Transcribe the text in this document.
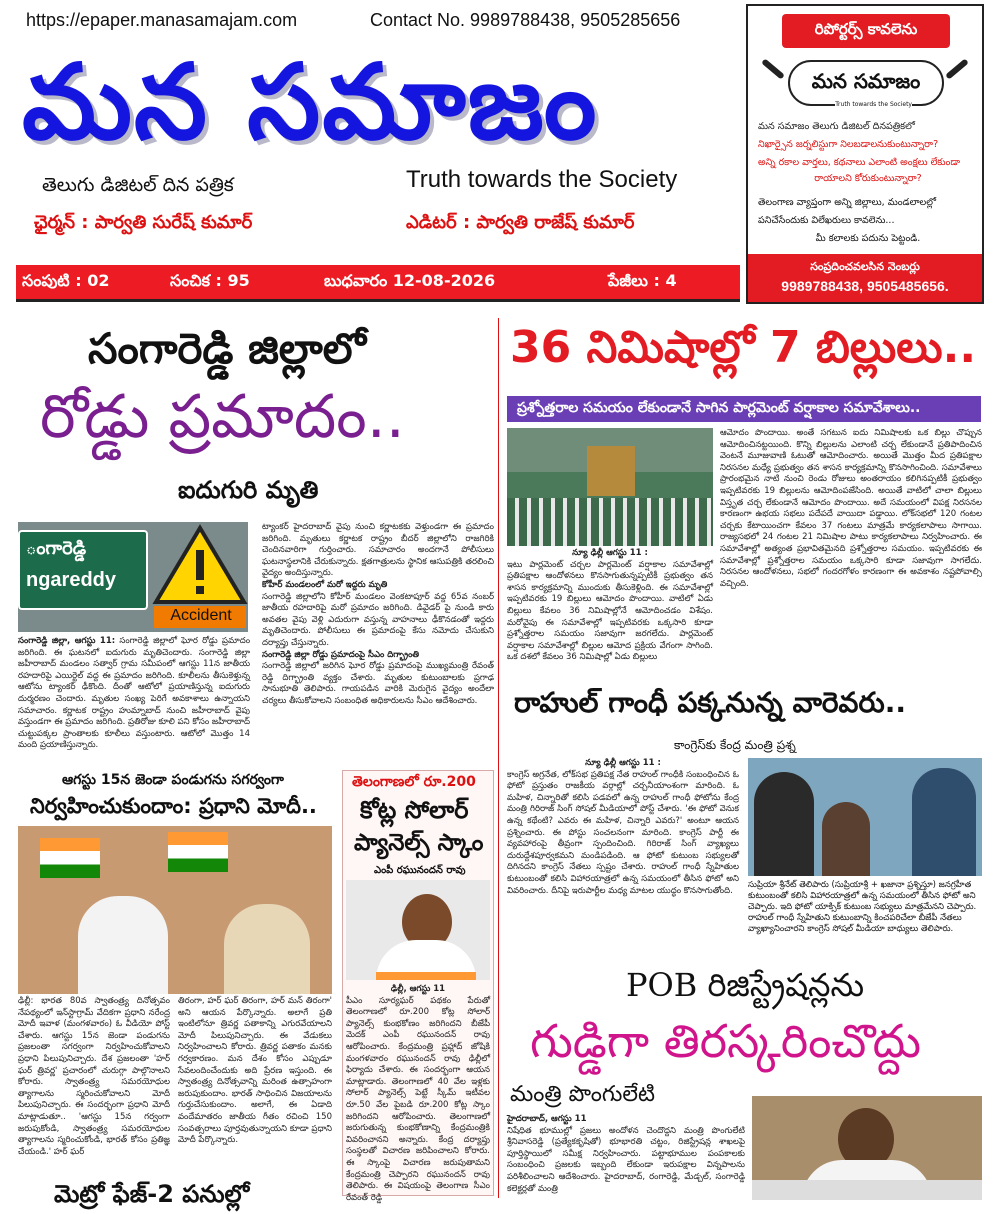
https://epaper.manasamajam.com	Contact No. 9989788438, 9505285656
మన సమాజం
తెలుగు డిజిటల్ దిన పత్రిక	Truth towards the Society
ఛైర్మన్ : పార్వతి సురేష్ కుమార్	ఎడిటర్ : పార్వతి రాజేష్ కుమార్
సంపుటి : 02	సంచిక : 95	బుధవారం 12-08-2026	పేజీలు : 4
రిపోర్టర్స్ కావలెను
మన సమాజం
Truth towards the Society
మన సమాజం తెలుగు డిజిటల్ దినపత్రికలో
నిఖార్సైన జర్నలిస్టుగా నిలబడాలనుకుంటున్నారా?
అన్ని రకాల వార్తలు, కథనాలు ఎలాంటి అంక్షలు లేకుండా
రాయాలని కోరుకుంటున్నారా?
తెలంగాణ వ్యాప్తంగా అన్ని జిల్లాలు, మండలాలల్లో
పనిచేసేందుకు విలేఖరులు కావలెను...
మీ కలాలకు పదును పెట్టండి.
సంప్రదించవలసిన నెంబర్లు
9989788438, 9505485656.
సంగారెడ్డి జిల్లాలో
రోడ్డు ప్రమాదం..
ఐదుగురి మృతి
ంగారెడ్డి
ngareddy
Accident
సంగారెడ్డి జిల్లా, ఆగస్టు 11: సంగారెడ్డి జిల్లాలో ఘోర రోడ్డు ప్రమాదం జరిగింది. ఈ ఘటనలో ఐదుగురు మృతిచెందారు. సంగారెడ్డి జిల్లా జహీరాబాద్ మండలం సత్వార్ గ్రామ సమీపంలో ఆగస్టు 11న జాతీయ రహదారిపై ఎయిర్టెల్ వద్ద ఈ ప్రమాదం జరిగింది. కూలీలను తీసుకెళ్తున్న ఆటోను ట్యాంకర్ ఢీకొంది. దీంతో ఆటోలో ప్రయాణిస్తున్న ఐదుగురు దుర్మరణం చెందారు. మృతుల సంఖ్య పెరిగే అవకాశాలు ఉన్నాయని సమాచారం. కర్ణాటక రాష్ట్రం హుమ్నాబాద్ నుంచి జహీరాబాద్ వైపు వస్తుండగా ఈ ప్రమాదం జరిగింది. ప్రతిరోజు కూలి పని కోసం జహీరాబాద్ చుట్టుపక్కల ప్రాంతాలకు కూలీలు వస్తుంటారు. ఆటోలో మొత్తం 14 మంది ప్రయాణిస్తున్నారు.
ట్యాంకర్ హైదరాబాద్ వైపు నుంచి కర్ణాటకకు వెళ్తుండగా ఈ ప్రమాదం జరిగింది. మృతులు కర్ణాటక రాష్ట్రం బీదర్ జిల్లాలోని రాజగిరికి చెందినవారిగా గుర్తించారు. సమాచారం అందగానే పోలీసులు ఘటనాస్థలానికి చేరుకున్నారు. క్షతగాత్రులను స్థానిక ఆసుపత్రికి తరలించి వైద్యం అందిస్తున్నారు.
కోహీర్ మండలంలో మరో ఇద్దరు మృతి
సంగారెడ్డి జిల్లాలోని కోహీర్ మండలం వెంకటాపూర్ వద్ద 65వ నంబర్ జాతీయ రహదారిపై మరో ప్రమాదం జరిగింది. డివైడర్ పై నుండి కారు అవతల వైపు వెళ్లి ఎదురుగా వస్తున్న వాహనాలు ఢీకొనడంతో ఇద్దరు మృతిచెందారు. పోలీసులు ఈ ప్రమాదంపై కేసు నమోదు చేసుకుని దర్యాప్తు చేస్తున్నారు.
సంగారెడ్డి జిల్లా రోడ్డు ప్రమాదంపై సీఎం దిగ్భ్రాంతి
సంగారెడ్డి జిల్లాలో జరిగిన ఘోర రోడ్డు ప్రమాదంపై ముఖ్యమంత్రి రేవంత్ రెడ్డి దిగ్భ్రాంతి వ్యక్తం చేశారు. మృతుల కుటుంబాలకు ప్రగాఢ సానుభూతి తెలిపారు. గాయపడిన వారికి మెరుగైన వైద్యం అందేలా చర్యలు తీసుకోవాలని సంబంధిత అధికారులను సీఎం ఆదేశించారు.
36 నిమిషాల్లో 7 బిల్లులు..
ప్రశ్నోత్తరాల సమయం లేకుండానే సాగిన పార్లమెంట్ వర్షాకాల సమావేశాలు..
న్యూ ఢిల్లీ ఆగస్టు 11 :
ఇటు పార్లమెంట్ చర్చల పార్లమెంట్ వర్షాకాల సమావేశాల్లో ప్రతిపక్షాల ఆందోళనలు కొనసాగుతున్నప్పటికీ ప్రభుత్వం తన శాసన కార్యక్రమాన్ని ముందుకు తీసుకెళ్లింది. ఈ సమావేశాల్లో ఇప్పటివరకు 19 బిల్లులు ఆమోదం పొందాయి. వాటిలో ఏడు బిల్లులు కేవలం 36 నిమిషాల్లోనే ఆమోదించడం విశేషం. మరోవైపు ఈ సమావేశాల్లో ఇప్పటివరకు ఒక్కసారి కూడా ప్రశ్నోత్తరాల సమయం సజావుగా జరగలేదు. పార్లమెంట్ వర్షాకాల సమావేశాల్లో బిల్లుల ఆమోద ప్రక్రియ వేగంగా సాగింది. ఒక దశలో కేవలం 36 నిమిషాల్లో ఏడు బిల్లులు
ఆమోదం పొందాయి. అంతే సగటున ఐదు నిమిషాలకు ఒక బిల్లు చొప్పున ఆమోదించినట్టయింది. కొన్ని బిల్లులను ఎలాంటి చర్చ లేకుండానే ప్రతిపాదించిన వెంటనే మూజువాణి ఓటుతో ఆమోదించారు. అయితే మొత్తం మీద ప్రతిపక్షాల నిరసనల మధ్యే ప్రభుత్వం తన శాసన కార్యక్రమాన్ని కొనసాగించింది. సమావేశాలు ప్రారంభమైన నాటి నుంచి రెండు రోజులు అంతరాయం కలిగినప్పటికీ ప్రభుత్వం ఇప్పటివరకు 19 బిల్లులను ఆమోదింపజేసింది. అయితే వాటిలో చాలా బిల్లులు విస్తృత చర్చ లేకుండానే ఆమోదం పొందాయి. అదే సమయంలో విపక్ష నిరసనల కారణంగా ఉభయ సభలు పదేపదే వాయిదా పడ్డాయి. లోక్‌సభలో 120 గంటల చర్చకు కేటాయించగా కేవలం 37 గంటలు మాత్రమే కార్యకలాపాలు సాగాయి. రాజ్యసభలో 24 గంటల 21 నిమిషాల పాటు కార్యకలాపాలు నిర్వహించారు. ఈ సమావేశాల్లో అత్యంత ప్రభావితమైనది ప్రశ్నోత్తరాల సమయం. ఇప్పటివరకు ఈ సమావేశాల్లో ప్రశ్నోత్తరాల సమయం ఒక్కసారి కూడా సజావుగా సాగలేదు. నిరసనల ఆందోళనలు, సభలో గందరగోళం కారణంగా ఈ అవకాశం నష్టపోవాల్సి వచ్చింది.
రాహుల్ గాంధీ పక్కనున్న వారెవరు..
కాంగ్రెస్‌కు కేంద్ర మంత్రి ప్రశ్న
న్యూ ఢిల్లీ ఆగస్టు 11 :
కాంగ్రెస్ అగ్రనేత, లోక్‌సభ ప్రతిపక్ష నేత రాహుల్ గాంధీకి సంబంధించిన ఓ ఫోటో ప్రస్తుతం రాజకీయ వర్గాల్లో చర్చనీయాంశంగా మారింది. ఓ మహిళ, చిన్నారితో కలిసి పడవలో ఉన్న రాహుల్ గాంధీ ఫోటోను కేంద్ర మంత్రి గిరిరాజ్ సింగ్ సోషల్ మీడియాలో పోస్ట్ చేశారు. 'ఈ ఫోటో వెనుక ఉన్న కథేంటి? ఎవరు ఈ మహిళ, చిన్నారి ఎవరు?' అంటూ ఆయన ప్రశ్నించారు. ఈ పోస్టు సంచలనంగా మారింది. కాంగ్రెస్ పార్టీ ఈ వ్యవహారంపై తీవ్రంగా స్పందించింది. గిరిరాజ్ సింగ్ వ్యాఖ్యలు దురుద్దేశపూర్వకమని మండిపడింది. ఆ ఫోటో కుటుంబ సభ్యులతో దిగినదని కాంగ్రెస్ నేతలు స్పష్టం చేశారు. రాహుల్ గాంధీ స్నేహితుల కుటుంబంతో కలిసి విహారయాత్రలో ఉన్న సమయంలో తీసిన ఫోటో అని వివరించారు. దీనిపై ఇరుపార్టీల మధ్య మాటల యుద్ధం కొనసాగుతోంది.
సుప్రియా శ్రీనేట్ తెలిపారు (సుప్రియాశ్రీ + ఖజానా ప్రశ్నిస్తూ) జనగ్రహీత కుటుంబంతో కలిసి విహారయాత్రలో ఉన్న సమయంలో తీసిన ఫోటో అని చెప్పారు. ఇది ఫోటో యాక్సిక్ కుటుంబ సభ్యులు మాత్రమేనని చెప్పారు. రాహుల్ గాంధీ స్నేహితుని కుటుంబాన్ని కించపరిచేలా బీజేపీ నేతలు వ్యాఖ్యానించారని కాంగ్రెస్ సోషల్ మీడియా బాధ్యులు తెలిపారు.
ఆగస్టు 15న జెండా పండుగను సగర్వంగా
నిర్వహించుకుందాం: ప్రధాని మోదీ..
ఢిల్లీ: భారత 80వ స్వాతంత్ర్య దినోత్సవం నేపథ్యంలో ఇన్‌స్టాగ్రామ్ వేదికగా ప్రధాని నరేంద్ర మోదీ ఇవాళ (మంగళవారం) ఓ వీడియో పోస్ట్ చేశారు. ఆగస్టు 15న జెండా పండుగను ప్రజలంతా సగర్వంగా నిర్వహించుకోవాలని ప్రధాని పిలుపునిచ్చారు. దేశ ప్రజలంతా 'హర్ ఘర్ త్రివర్ణ' ప్రచారంలో చురుగ్గా పాల్గొనాలని కోరారు. స్వాతంత్ర్య సమరయోధుల త్యాగాలను స్మరించుకోవాలని మోదీ పిలుపునిచ్చారు. ఈ సందర్భంగా ప్రధాని మోదీ మాట్లాడుతూ.. 'ఆగస్టు 15న గర్వంగా జరుపుకోండి, స్వాతంత్ర్య సమరయోధుల త్యాగాలను స్మరించుకోండి, భారత్ కోసం ప్రతిజ్ఞ చేయండి.' హర్ ఘర్
తిరంగా, హర్ ఘర్ తిరంగా, హర్ మన్ తిరంగా' అని ఆయన పేర్కొన్నారు. అలాగే ప్రతి ఇంటిలోనూ త్రివర్ణ పతాకాన్ని ఎగురవేయాలని మోదీ పిలుపునిచ్చారు. ఈ వేడుకలు నిర్వహించాలని కోరారు. త్రివర్ణ పతాకం మనకు గర్వకారణం. మన దేశం కోసం ఎప్పుడూ సేవలందించేందుకు అది ప్రేరణ ఇస్తుంది. ఈ స్వాతంత్ర్య దినోత్సవాన్ని మరింత ఉత్సాహంగా జరుపుకుందాం. భారత్ సాధించిన విజయాలను గుర్తుచేసుకుందాం. అలాగే, ఈ ఏడాది వందేమాతరం జాతీయ గీతం రచించి 150 సంవత్సరాలు పూర్తవుతున్నాయని కూడా ప్రధాని మోదీ పేర్కొన్నారు.
తెలంగాణలో రూ.200
కోట్ల సోలార్
ప్యానెల్స్ స్కాం
ఎంపీ రఘునందన్ రావు
ఢిల్లీ, ఆగస్టు 11
పీఎం సూర్యఘర్ పథకం పేరుతో తెలంగాణలో రూ.200 కోట్ల సోలార్ ప్యానెల్స్ కుంభకోణం జరిగిందని బీజేపీ మెదక్ ఎంపీ రఘునందన్ రావు ఆరోపించారు. కేంద్రమంత్రి ప్రహ్లాద్ జోషికి మంగళవారం రఘునందన్ రావు ఢిల్లీలో ఫిర్యాదు చేశారు. ఈ సందర్భంగా ఆయన మాట్లాడారు. తెలంగాణలో 40 వేల ఇళ్లకు సోలార్ ప్యానెల్స్ పెట్టే స్కీమ్ ఇటీవల రూ.50 వేల పైబడి రూ.200 కోట్ల స్కాం జరిగిందని ఆరోపించారు. తెలంగాణలో జరుగుతున్న కుంభకోణాన్ని కేంద్రమంత్రికి వివరించానని అన్నారు. కేంద్ర దర్యాప్తు సంస్థలతో విచారణ జరిపించాలని కోరారు. ఈ స్కాంపై విచారణ జరుపుతామని కేంద్రమంత్రి చెప్పారని రఘునందన్ రావు తెలిపారు. ఈ విషయంపై తెలంగాణ సీఎం రేవంత్ రెడ్డి
POB రిజిస్ట్రేషన్లను
గుడ్డిగా తిరస్కరించొద్దు
మంత్రి పొంగులేటి
హైదరాబాద్, ఆగస్టు 11
నిషేధిత భూముల్లో ప్రజలు అందోళన చెందొద్దని మంత్రి పొంగులేటి శ్రీనివాసరెడ్డి (ప్రత్యేకకృషితో) భూభారతి చట్టం, రిజిస్ట్రేషన్ల శాఖలపై పూర్తిస్థాయిలో సమీక్ష నిర్వహించారు. పట్టాభూముల పంపకాలకు సంబంధించి ప్రజలకు ఇబ్బంది లేకుండా ఇరుపక్షాల విన్నపాలను పరిశీలించాలని ఆదేశించారు. హైదరాబాద్, రంగారెడ్డి, మేడ్చల్, సంగారెడ్డి కలెక్టర్లతో మంత్రి
మెట్రో ఫేజ్-2 పనుల్లో
